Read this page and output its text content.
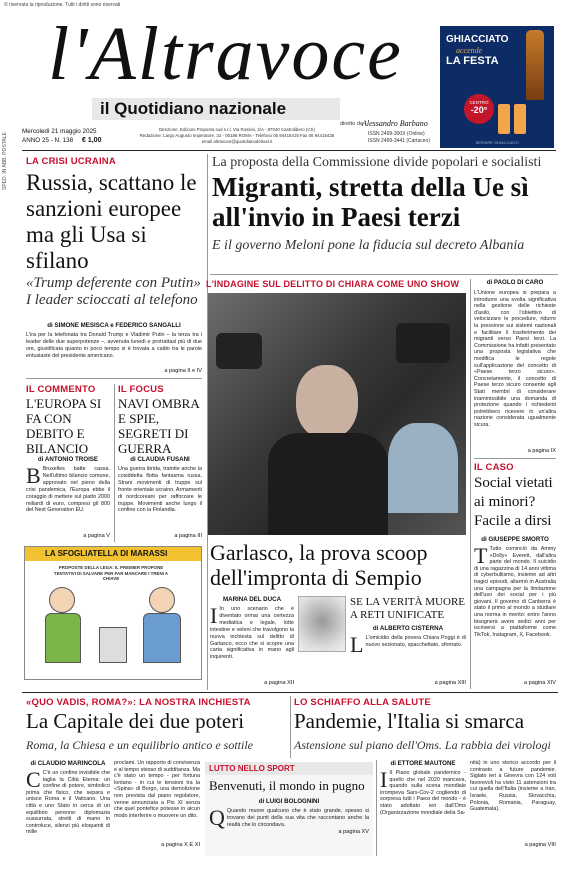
© riservata la riproduzione. Tutti i diritti sono riservati
SPED. IN ABB. POSTALE
l'Altravoce
il Quotidiano nazionale
diretto da Alessandro Barbano
Mercoledì 21 maggio 2025
ANNO 25 - N. 138 € 1,00
Direzione, Edizioni Proposta sud s.r.l. Via Rossini, 2/A - 87040 Castrolibero (CS)
Redazione: Largo Augusto Imperatore, 32 - 00186 ROMA - Telefono 06 94415419 Fax 06 94415435
email altravoce@quotidianodelsud.it
ISSN 2499-300X (Online)
ISSN 2499-3441 (Cartaceo)
GHIACCIATO
accende
LA FESTA
CENTRO
-20°
SERVIRE GHIACCIATO
LA CRISI UCRAINA
Russia, scattano le sanzioni europee ma gli Usa si sfilano
«Trump deferente con Putin» I leader scioccati al telefono
di SIMONE MESISCA e FEDERICO SANGALLI
L'ira per la telefonata tra Donald Trump e Vladimir Putin – la terza tra i leader delle due superpotenze –, avvenuta lunedì e protrattasi più di due ore, giustificata quanto in poco tempo si è trovata a caldo tra le parole entusiaste del presidente americano.
a pagina II e IV
IL COMMENTO
L'EUROPA SI FA CON DEBITO E BILANCIO
di ANTONIO TROISE
B Bruxelles batte cassa. Nell'ultimo bilancio comune, approvato nel pieno della crisi pandemica, l'Europa ebbe il coraggio di mettere sul piatto 2000 miliardi di euro, compresi gli 800 del Next Generation EU.
a pagina V
IL FOCUS
NAVI OMBRA E SPIE, SEGRETI DI GUERRA
di CLAUDIA FUSANI
Una guerra ibrida, tramite anche la cosiddetta flotta fantasma russa. Strani movimenti di truppe sul fronte orientale ucraino. Armamenti di nordcoreani per rafforzare le truppe. Movimenti anche lungo il confine con la Finlandia.
a pagina III
LA SFOGLIATELLA DI MARASSI
PROPOSTE DELLA LEGA: IL PREMIER PROPONE TENTATIVI DI SALVARE PER FAR MANCARE I TRENI A CHIAVE
La proposta della Commissione divide popolari e socialisti
Migranti, stretta della Ue sì all'invio in Paesi terzi
E il governo Meloni pone la fiducia sul decreto Albania
L'INDAGINE SUL DELITTO DI CHIARA COME UNO SHOW
Garlasco, la prova scoop dell'impronta di Sempio
MARINA DEL DUCA
I In uno scenario che è diventato ormai una certezza mediatica e legale, lotte intestine e veleni che travolgono la nuova inchiesta sul delitto di Garlasco, ecco che si scopre una carta significativa in mano agli inquirenti.
a pagina XII
SE LA VERITÀ MUORE A RETI UNIFICATE
di ALBERTO CISTERNA
L L'omicidio della povera Chiara Poggi è di nuovo sezionato, spacchettato, sfornato.
a pagina XIII
di PAOLO DI CARO
L'Unione europea si prepara a introdurre una svolta significativa nella gestione delle richieste d'asilo, con l'obiettivo di velocizzare le procedure, ridurre la pressione sui sistemi nazionali e facilitare il trasferimento dei migranti verso Paesi terzi. La Commissione ha infatti presentato una proposta legislativa che modifica le regole sull'applicazione del concetto di «Paese terzo sicuro». Concretamente, il concetto di Paese terzo sicuro consente agli Stati membri di considerare inammissibile una domanda di protezione quando i richiedenti potrebbero ricevere in un'altra nazione considerata ugualmente sicura.
a pagina IX
IL CASO
Social vietati ai minori? Facile a dirsi
di GIUSEPPE SMORTO
T Tutto cominciò da Ammy «Dolly» Everett, dall'altra parte del mondo. Il suicidio di una ragazzina di 14 anni vittima di cyberbullismo, insieme ad altri tragici episodi, allarmò in Australia una campagna per la limitazione dell'uso dei social per i più giovani. Il governo di Canberra è stato il primo al mondo a studiare una norma in merito: entro l'anno bisognerà avere sedici anni per iscriversi a piattaforme come TikTok, Instagram, X, Facebook.
a pagina XIV
«QUO VADIS, ROMA?»: LA NOSTRA INCHIESTA
La Capitale dei due poteri
Roma, la Chiesa e un equilibrio antico e sottile
di CLAUDIO MARINCOLA
C C'è un confine invisibile che taglia la Città Eterna: un confine di potere, simbolico prima che fisico, che separa e unisce Roma e il Vaticano. Una città e uno Stato in cerca di un equilibrio perenne: diplomazia sussurrata, stretti di mano in controluce, silenzi più eloquenti di mille
proclami. Un rapporto di convivenza e al tempo stesso di sudditanza. Ma c'è stato un tempo - per fortuna lontano - in cui le tensioni tra la «Spina» di Borgo, una demolizione non prevista dal piano regolatore, venne annunciata a Pio XI senza che quel pontefice potesse in alcun modo interferire o muovere un dito.
a pagina X E XI
LUTTO NELLO SPORT
Benvenuti, il mondo in pugno
di LUIGI BOLOGNINI
Q Quando muore qualcuno che è stato grande, spesso si trovano dei punti della sua vita che raccontano anche la realtà che lo circondava.
a pagina XV
LO SCHIAFFO ALLA SALUTE
Pandemie, l'Italia si smarca
Astensione sul piano dell'Oms. La rabbia dei virologi
di ETTORE MAUTONE
I Il Piano globale pandemico - quello che nel 2020 mancava, quando sulla scena mondiale irrompeva Sars-Cov-2 cogliendo di sorpresa tutti i Paesi del mondo - è stato adottato ieri dall'Oms (Organizzazione mondiale della Sa-
nità) in uno storico accordo per il contrasto a future pandemie. Siglato ieri a Ginevra con 124 voti favorevoli ha visto 11 astensioni tra cui quella dell'Italia (insieme a Iran, Israele, Russia, Slovacchia, Polonia, Romania, Paraguay, Guatemala).
a pagina VIII
